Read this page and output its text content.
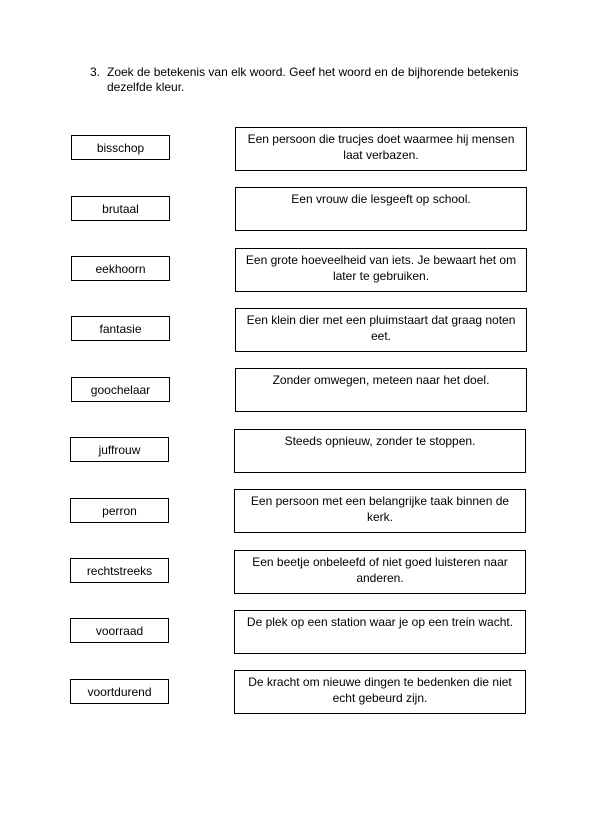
3. Zoek de betekenis van elk woord. Geef het woord en de bijhorende betekenis dezelfde kleur.
bisschop
brutaal
eekhoorn
fantasie
goochelaar
juffrouw
perron
rechtstreeks
voorraad
voortdurend
Een persoon die trucjes doet waarmee hij mensen laat verbazen.
Een vrouw die lesgeeft op school.
Een grote hoeveelheid van iets. Je bewaart het om later te gebruiken.
Een klein dier met een pluimstaart dat graag noten eet.
Zonder omwegen, meteen naar het doel.
Steeds opnieuw, zonder te stoppen.
Een persoon met een belangrijke taak binnen de kerk.
Een beetje onbeleefd of niet goed luisteren naar anderen.
De plek op een station waar je op een trein wacht.
De kracht om nieuwe dingen te bedenken die niet echt gebeurd zijn.
